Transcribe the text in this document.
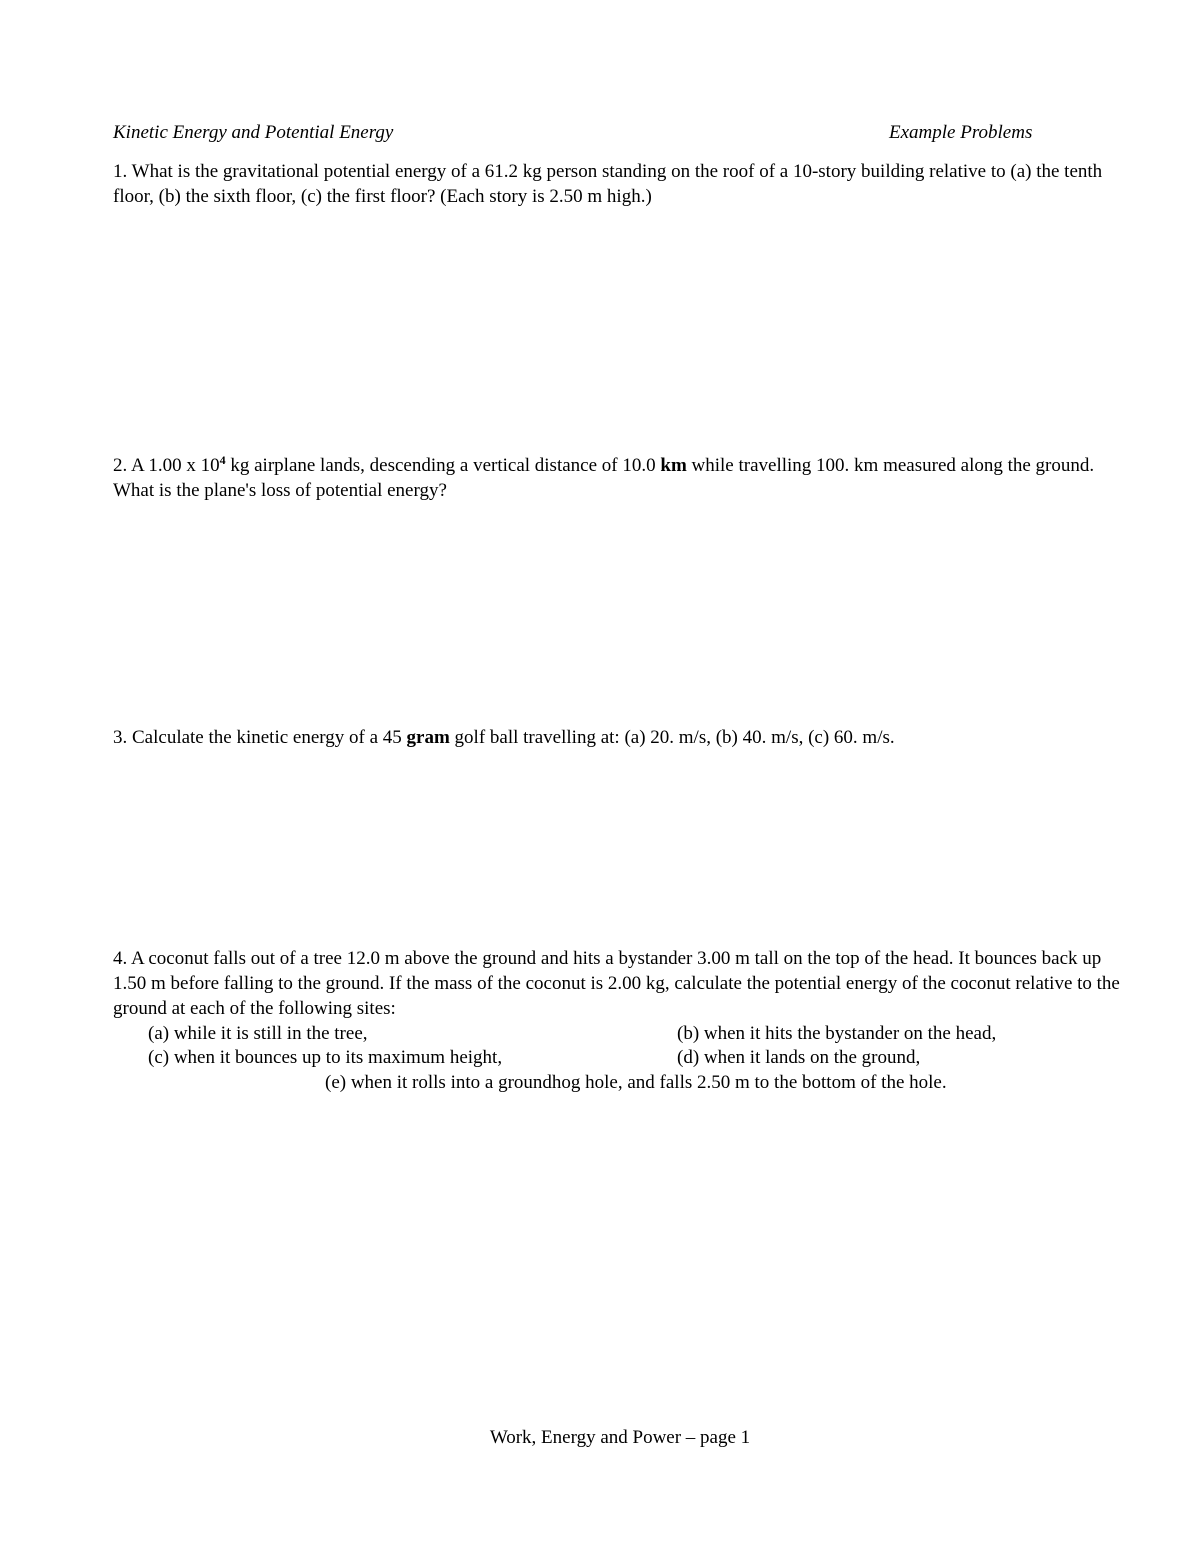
Kinetic Energy and Potential Energy	Example Problems

1. What is the gravitational potential energy of a 61.2 kg person standing on the roof of a 10-story building relative to (a) the tenth floor, (b) the sixth floor, (c) the first floor? (Each story is 2.50 m high.)

2. A 1.00 x $10^4$ kg airplane lands, descending a vertical distance of 10.0 km while travelling 100. km measured along the ground. What is the plane's loss of potential energy?

3. Calculate the kinetic energy of a 45 gram golf ball travelling at: (a) 20. m/s, (b) 40. m/s, (c) 60. m/s.

4. A coconut falls out of a tree 12.0 m above the ground and hits a bystander 3.00 m tall on the top of the head. It bounces back up 1.50 m before falling to the ground. If the mass of the coconut is 2.00 kg, calculate the potential energy of the coconut relative to the ground at each of the following sites:

(a) while it is still in the tree,	(b) when it hits the bystander on the head,
(c) when it bounces up to its maximum height,	(d) when it lands on the ground,
(e) when it rolls into a groundhog hole, and falls 2.50 m to the bottom of the hole.
Work, Energy and Power – page 1
